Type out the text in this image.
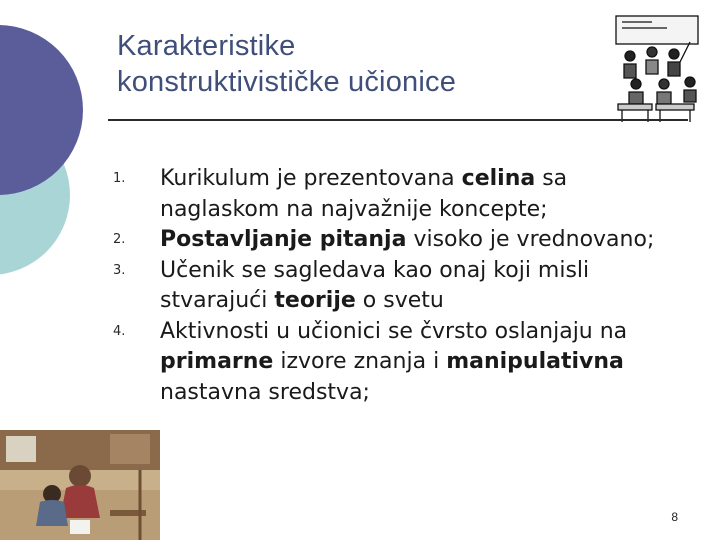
Karakteristike
konstruktivističke učionice
1. Kurikulum je prezentovana celina sa naglaskom na najvažnije koncepte;
2. Postavljanje pitanja visoko je vrednovano;
3. Učenik se sagledava kao onaj koji misli stvarajući teorije o svetu
4. Aktivnosti u učionici se čvrsto oslanjaju na primarne izvore znanja i manipulativna nastavna sredstva;
8
